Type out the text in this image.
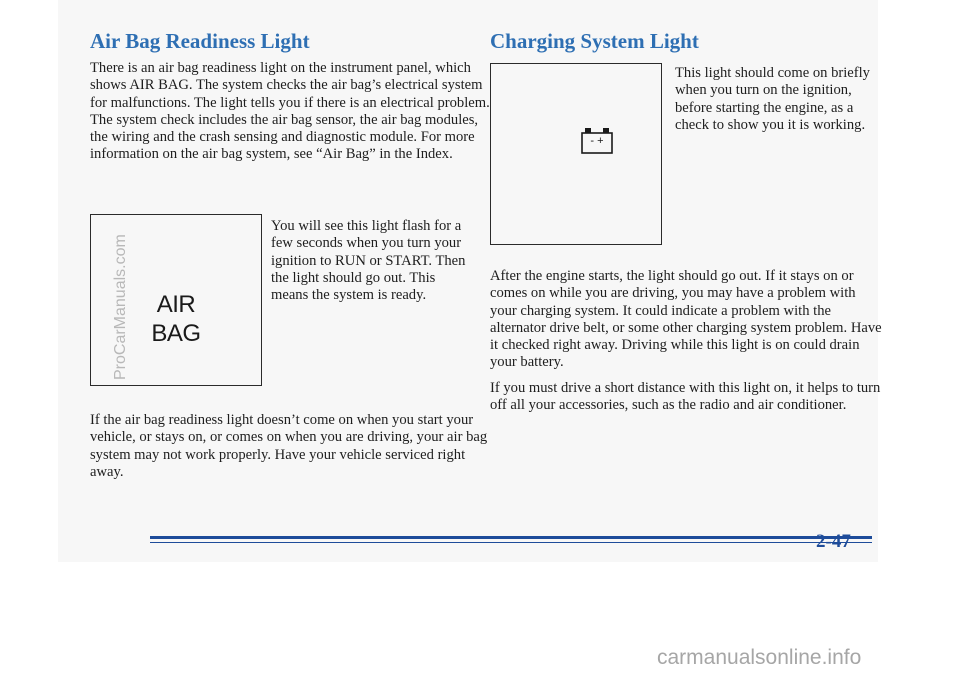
Air Bag Readiness Light

There is an air bag readiness light on the instrument panel, which shows AIR BAG. The system checks the air bag’s electrical system for malfunctions. The light tells you if there is an electrical problem. The system check includes the air bag sensor, the air bag modules, the wiring and the crash sensing and diagnostic module. For more information on the air bag system, see “Air Bag” in the Index.

AIR
BAG

You will see this light flash for a few seconds when you turn your ignition to RUN or START. Then the light should go out. This means the system is ready.

If the air bag readiness light doesn’t come on when you start your vehicle, or stays on, or comes on when you are driving, your air bag system may not work properly. Have your vehicle serviced right away.

Charging System Light
- +

This light should come on briefly when you turn on the ignition, before starting the engine, as a check to show you it is working.

After the engine starts, the light should go out. If it stays on or comes on while you are driving, you may have a problem with your charging system. It could indicate a problem with the alternator drive belt, or some other charging system problem. Have it checked right away. Driving while this light is on could drain your battery.

If you must drive a short distance with this light on, it helps to turn off all your accessories, such as the radio and air conditioner.

ProCarManuals.com
2-47
carmanualsonline.info
